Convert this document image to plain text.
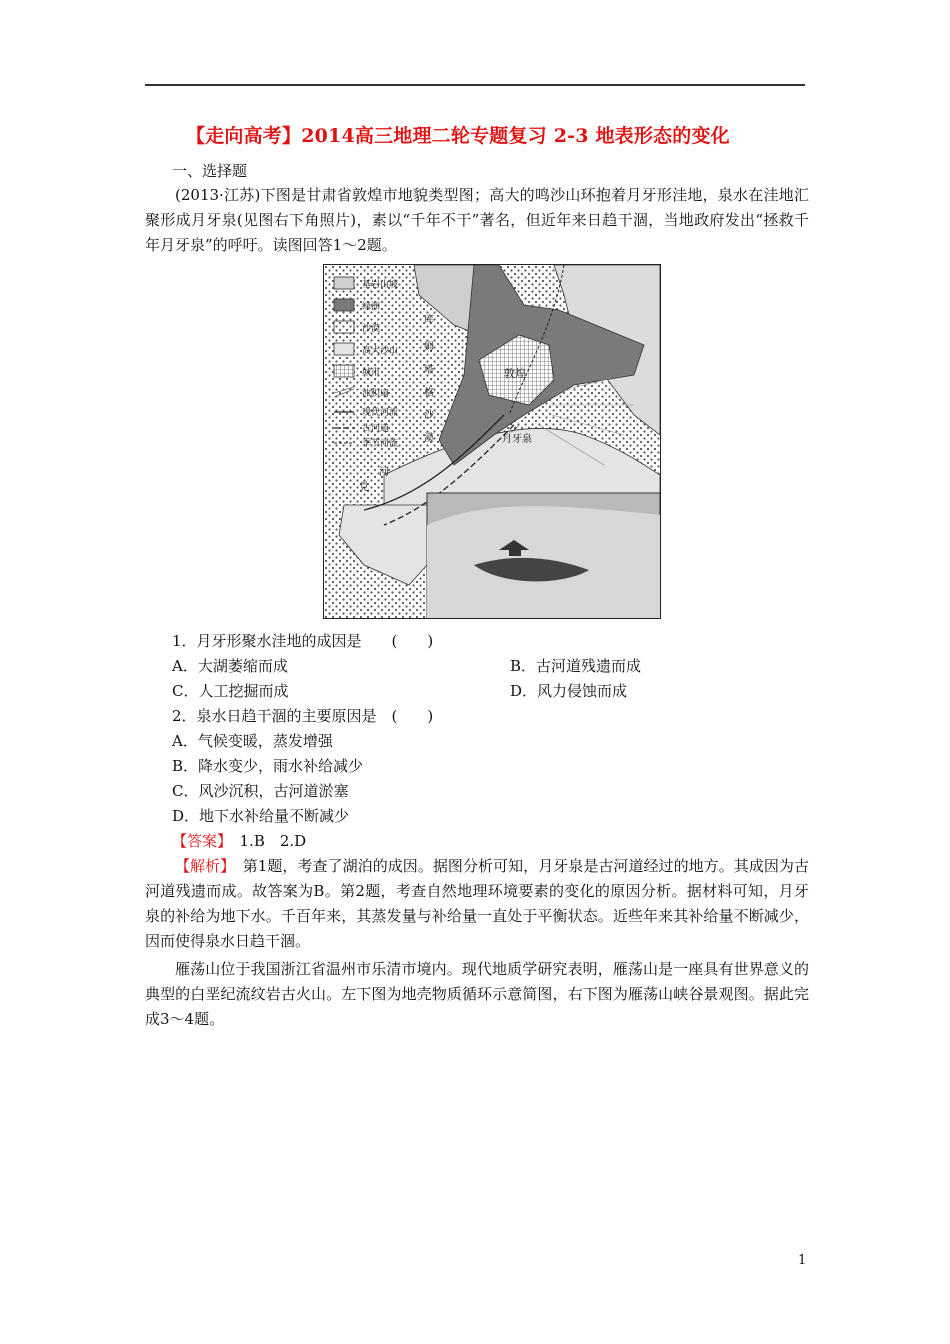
【走向高考】2014高三地理二轮专题复习 2-3 地表形态的变化
一、选择题
(2013·江苏)下图是甘肃省敦煌市地貌类型图；高大的鸣沙山环抱着月牙形洼地，泉水在洼地汇聚形成月牙泉(见图右下角照片)，素以“千年不干”著名，但近年来日趋干涸，当地政府发出“拯救千年月牙泉”的呼吁。读图回答1～2题。
基岩山坡
绿洲
沙漠
高大沙山
城市
浊积扇
现代河流
古河道
季节河流
库
姆
塔
格
沙
漠
敦煌
月牙泉
党
河
1．月牙形聚水洼地的成因是　　(　　)
A．大湖萎缩而成	B．古河道残遗而成
C．人工挖掘而成	D．风力侵蚀而成
2．泉水日趋干涸的主要原因是　(　　)
A．气候变暖，蒸发增强
B．降水变少，雨水补给减少
C．风沙沉积，古河道淤塞
D．地下水补给量不断减少
【答案】　1.B　2.D
【解析】　第1题，考查了湖泊的成因。据图分析可知，月牙泉是古河道经过的地方。其成因为古河道残遗而成。故答案为B。第2题，考查自然地理环境要素的变化的原因分析。据材料可知，月牙泉的补给为地下水。千百年来，其蒸发量与补给量一直处于平衡状态。近些年来其补给量不断减少，因而使得泉水日趋干涸。
雁荡山位于我国浙江省温州市乐清市境内。现代地质学研究表明，雁荡山是一座具有世界意义的典型的白垩纪流纹岩古火山。左下图为地壳物质循环示意简图，右下图为雁荡山峡谷景观图。据此完成3～4题。
1
